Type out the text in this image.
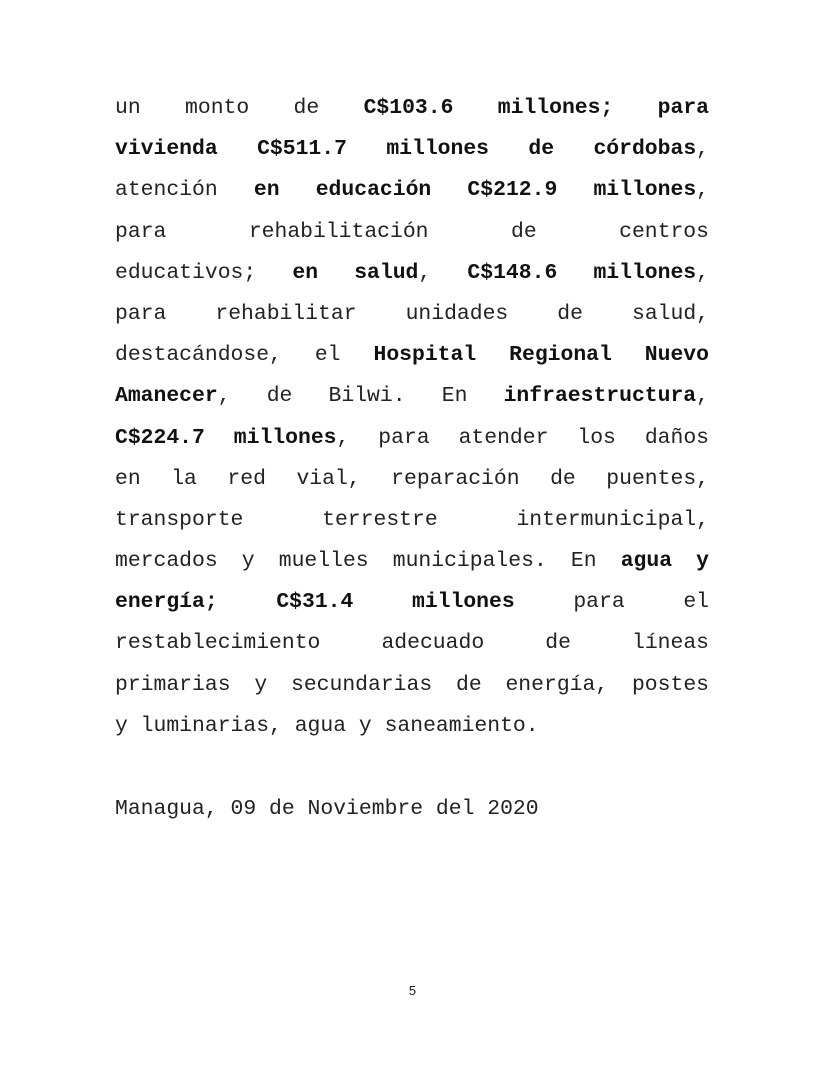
un monto de C$103.6 millones; para
vivienda C$511.7 millones de córdobas,
atención en educación C$212.9 millones,
para rehabilitación de centros
educativos; en salud, C$148.6 millones,
para rehabilitar unidades de salud,
destacándose, el Hospital Regional Nuevo
Amanecer, de Bilwi. En infraestructura,
C$224.7 millones, para atender los daños
en la red vial, reparación de puentes,
transporte terrestre intermunicipal,
mercados y muelles municipales. En agua y
energía; C$31.4 millones para el
restablecimiento adecuado de líneas
primarias y secundarias de energía, postes
y luminarias, agua y saneamiento.

Managua, 09 de Noviembre del 2020

5
